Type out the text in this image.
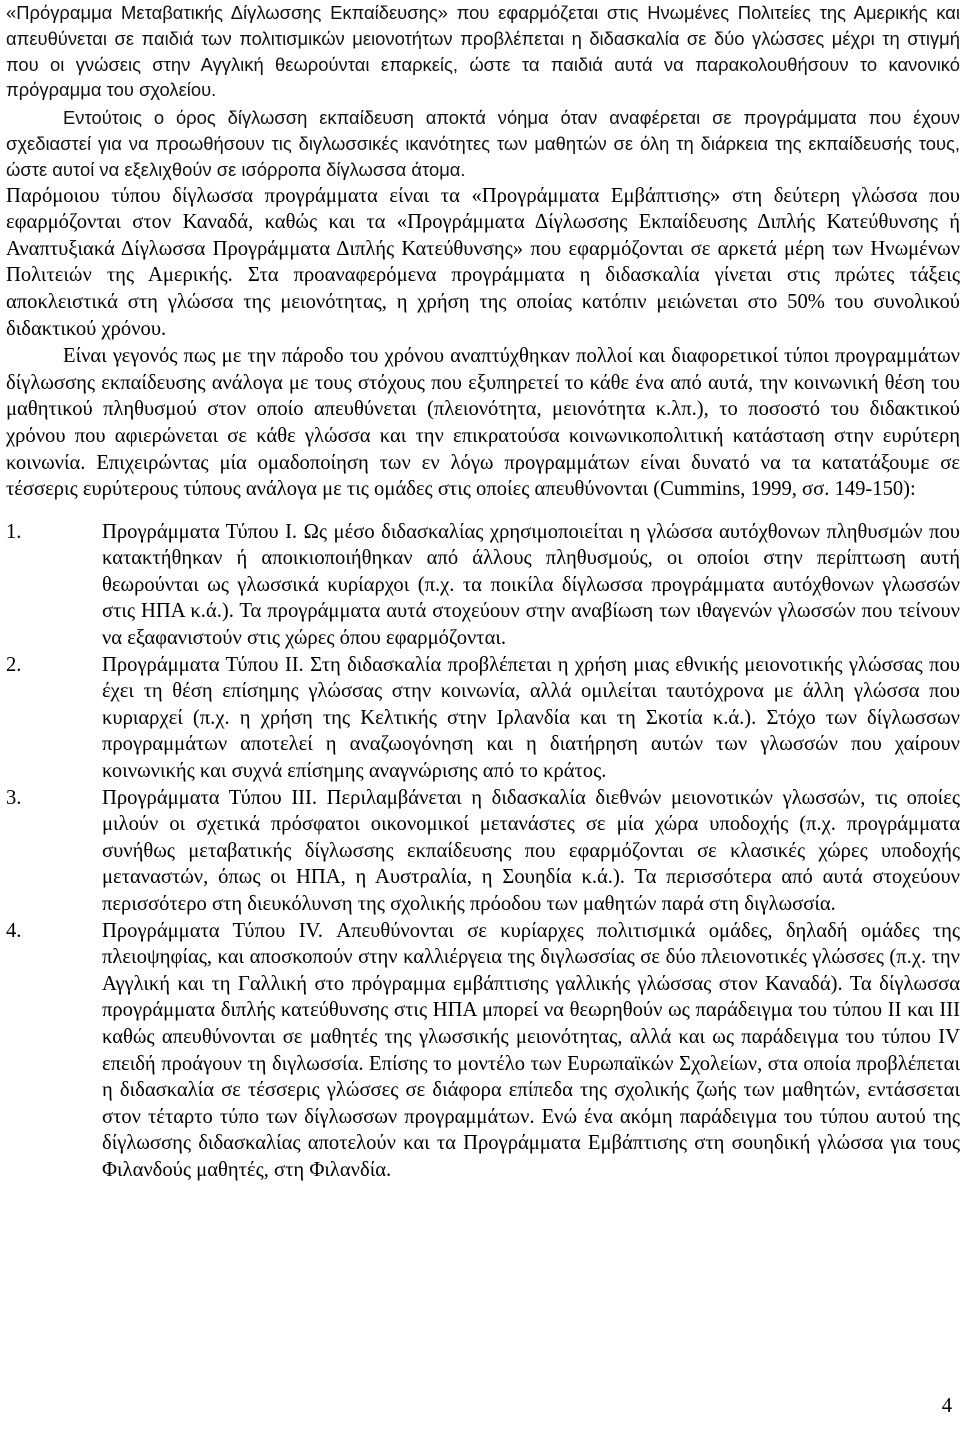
«Πρόγραμμα Μεταβατικής Δίγλωσσης Εκπαίδευσης» που εφαρμόζεται στις Ηνωμένες Πολιτείες της Αμερικής και απευθύνεται σε παιδιά των πολιτισμικών μειονοτήτων προβλέπεται η διδασκαλία σε δύο γλώσσες μέχρι τη στιγμή που οι γνώσεις στην Αγγλική θεωρούνται επαρκείς, ώστε τα παιδιά αυτά να παρακολουθήσουν το κανονικό πρόγραμμα του σχολείου.

Εντούτοις ο όρος δίγλωσση εκπαίδευση αποκτά νόημα όταν αναφέρεται σε προγράμματα που έχουν σχεδιαστεί για να προωθήσουν τις διγλωσσικές ικανότητες των μαθητών σε όλη τη διάρκεια της εκπαίδευσής τους, ώστε αυτοί να εξελιχθούν σε ισόρροπα δίγλωσσα άτομα.

Παρόμοιου τύπου δίγλωσσα προγράμματα είναι τα «Προγράμματα Εμβάπτισης» στη δεύτερη γλώσσα που εφαρμόζονται στον Καναδά, καθώς και τα «Προγράμματα Δίγλωσσης Εκπαίδευσης Διπλής Κατεύθυνσης ή Αναπτυξιακά Δίγλωσσα Προγράμματα Διπλής Κατεύθυνσης» που εφαρμόζονται σε αρκετά μέρη των Ηνωμένων Πολιτειών της Αμερικής. Στα προαναφερόμενα προγράμματα η διδασκαλία γίνεται στις πρώτες τάξεις αποκλειστικά στη γλώσσα της μειονότητας, η χρήση της οποίας κατόπιν μειώνεται στο 50% του συνολικού διδακτικού χρόνου.

Είναι γεγονός πως με την πάροδο του χρόνου αναπτύχθηκαν πολλοί και διαφορετικοί τύποι προγραμμάτων δίγλωσσης εκπαίδευσης ανάλογα με τους στόχους που εξυπηρετεί το κάθε ένα από αυτά, την κοινωνική θέση του μαθητικού πληθυσμού στον οποίο απευθύνεται (πλειονότητα, μειονότητα κ.λπ.), το ποσοστό του διδακτικού χρόνου που αφιερώνεται σε κάθε γλώσσα και την επικρατούσα κοινωνικοπολιτική κατάσταση στην ευρύτερη κοινωνία. Επιχειρώντας μία ομαδοποίηση των εν λόγω προγραμμάτων είναι δυνατό να τα κατατάξουμε σε τέσσερις ευρύτερους τύπους ανάλογα με τις ομάδες στις οποίες απευθύνονται (Cummins, 1999, σσ. 149-150):

1.	Προγράμματα Τύπου Ι. Ως μέσο διδασκαλίας χρησιμοποιείται η γλώσσα αυτόχθονων πληθυσμών που κατακτήθηκαν ή αποικιοποιήθηκαν από άλλους πληθυσμούς, οι οποίοι στην περίπτωση αυτή θεωρούνται ως γλωσσικά κυρίαρχοι (π.χ. τα ποικίλα δίγλωσσα προγράμματα αυτόχθονων γλωσσών στις ΗΠΑ κ.ά.). Τα προγράμματα αυτά στοχεύουν στην αναβίωση των ιθαγενών γλωσσών που τείνουν να εξαφανιστούν στις χώρες όπου εφαρμόζονται.
2.	Προγράμματα Τύπου ΙΙ. Στη διδασκαλία προβλέπεται η χρήση μιας εθνικής μειονοτικής γλώσσας που έχει τη θέση επίσημης γλώσσας στην κοινωνία, αλλά ομιλείται ταυτόχρονα με άλλη γλώσσα που κυριαρχεί (π.χ. η χρήση της Κελτικής στην Ιρλανδία και τη Σκοτία κ.ά.). Στόχο των δίγλωσσων προγραμμάτων αποτελεί η αναζωογόνηση και η διατήρηση αυτών των γλωσσών που χαίρουν κοινωνικής και συχνά επίσημης αναγνώρισης από το κράτος.
3.	Προγράμματα Τύπου ΙΙΙ. Περιλαμβάνεται η διδασκαλία διεθνών μειονοτικών γλωσσών, τις οποίες μιλούν οι σχετικά πρόσφατοι οικονομικοί μετανάστες σε μία χώρα υποδοχής (π.χ. προγράμματα συνήθως μεταβατικής δίγλωσσης εκπαίδευσης που εφαρμόζονται σε κλασικές χώρες υποδοχής μεταναστών, όπως οι ΗΠΑ, η Αυστραλία, η Σουηδία κ.ά.). Τα περισσότερα από αυτά στοχεύουν περισσότερο στη διευκόλυνση της σχολικής πρόοδου των μαθητών παρά στη διγλωσσία.
4.	Προγράμματα Τύπου ΙV. Απευθύνονται σε κυρίαρχες πολιτισμικά ομάδες, δηλαδή ομάδες της πλειοψηφίας, και αποσκοπούν στην καλλιέργεια της διγλωσσίας σε δύο πλειονοτικές γλώσσες (π.χ. την Αγγλική και τη Γαλλική στο πρόγραμμα εμβάπτισης γαλλικής γλώσσας στον Καναδά). Τα δίγλωσσα προγράμματα διπλής κατεύθυνσης στις ΗΠΑ μπορεί να θεωρηθούν ως παράδειγμα του τύπου ΙΙ και ΙΙΙ καθώς απευθύνονται σε μαθητές της γλωσσικής μειονότητας, αλλά και ως παράδειγμα του τύπου IV επειδή προάγουν τη διγλωσσία. Επίσης το μοντέλο των Ευρωπαϊκών Σχολείων, στα οποία προβλέπεται η διδασκαλία σε τέσσερις γλώσσες σε διάφορα επίπεδα της σχολικής ζωής των μαθητών, εντάσσεται στον τέταρτο τύπο των δίγλωσσων προγραμμάτων. Ενώ ένα ακόμη παράδειγμα του τύπου αυτού της δίγλωσσης διδασκαλίας αποτελούν και τα Προγράμματα Εμβάπτισης στη σουηδική γλώσσα για τους Φιλανδούς μαθητές, στη Φιλανδία.
4
